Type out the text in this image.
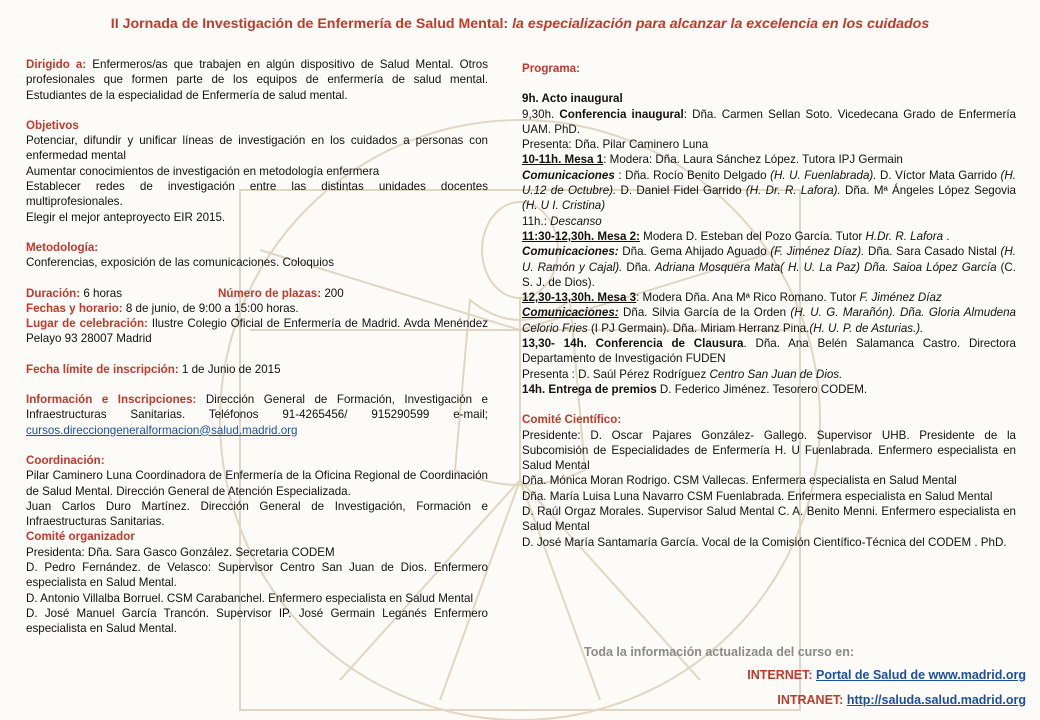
II Jornada de Investigación de Enfermería de Salud Mental: la especialización para alcanzar la excelencia en los cuidados

Dirigido a: Enfermeros/as que trabajen en algún dispositivo de Salud Mental. Otros profesionales que formen parte de los equipos de enfermería de salud mental. Estudiantes de la especialidad de Enfermería de salud mental.

Objetivos

Potenciar, difundir y unificar líneas de investigación en los cuidados a personas con enfermedad mental

Aumentar conocimientos de investigación en metodología enfermera

Establecer redes de investigación entre las distintas unidades docentes multiprofesionales.

Elegir el mejor anteproyecto EIR 2015.

Metodología:

Conferencias, exposición de las comunicaciones. Coloquios

Duración: 6 horas	Número de plazas: 200

Fechas y horario: 8 de junio, de 9:00 a 15:00 horas.

Lugar de celebración: Ilustre Colegio Oficial de Enfermería de Madrid. Avda Menéndez Pelayo 93 28007 Madrid

Fecha límite de inscripción: 1 de Junio de 2015

Información e Inscripciones: Dirección General de Formación, Investigación e Infraestructuras Sanitarias. Teléfonos 91-4265456/ 915290599 e-mail; cursos.direcciongeneralformacion@salud.madrid.org

Coordinación:

Pilar Caminero Luna Coordinadora de Enfermería de la Oficina Regional de Coordinación de Salud Mental. Dirección General de Atención Especializada.

Juan Carlos Duro Martínez. Dirección General de Investigación, Formación e Infraestructuras Sanitarias.

Comité organizador

Presidenta: Dña. Sara Gasco González. Secretaria CODEM

D. Pedro Fernández. de Velasco: Supervisor Centro San Juan de Dios. Enfermero especialista en Salud Mental.

D. Antonio Villalba Borruel. CSM Carabanchel. Enfermero especialista en Salud Mental

D. José Manuel García Trancón. Supervisor IP. José Germain Leganés Enfermero especialista en Salud Mental.

Programa:

9h. Acto inaugural

9,30h. Conferencia inaugural: Dña. Carmen Sellan Soto. Vicedecana Grado de Enfermería UAM. PhD.

Presenta: Dña. Pilar Caminero Luna

10-11h. Mesa 1: Modera: Dña. Laura Sánchez López. Tutora IPJ Germain

Comunicaciones : Dña. Rocío Benito Delgado (H. U. Fuenlabrada). D. Víctor Mata Garrido (H. U.12 de Octubre). D. Daniel Fidel Garrido (H. Dr. R. Lafora). Dña. Mª Ángeles López Segovia (H. U I. Cristina)

11h.: Descanso

11:30-12,30h. Mesa 2: Modera D. Esteban del Pozo García. Tutor H.Dr. R. Lafora .

Comunicaciones: Dña. Gema Ahijado Aguado (F. Jiménez Díaz). Dña. Sara Casado Nistal (H. U. Ramón y Cajal). Dña. Adriana Mosquera Mata( H. U. La Paz) Dña. Saioa López García (C. S. J. de Dios).

12,30-13,30h. Mesa 3: Modera Dña. Ana Mª Rico Romano. Tutor F. Jiménez Díaz

Comunicaciones: Dña. Silvia García de la Orden (H. U. G. Marañón). Dña. Gloria Almudena Celorio Fries (I PJ Germain). Dña. Miriam Herranz Pina.(H. U. P. de Asturias.).

13,30- 14h. Conferencia de Clausura. Dña. Ana Belén Salamanca Castro. Directora Departamento de Investigación FUDEN

Presenta : D. Saúl Pérez Rodríguez Centro San Juan de Dios.

14h. Entrega de premios D. Federico Jiménez. Tesorero CODEM.

Comité Científico:

Presidente: D. Oscar Pajares González- Gallego. Supervisor UHB. Presidente de la Subcomisión de Especialidades de Enfermería H. U Fuenlabrada. Enfermero especialista en Salud Mental

Dña. Mónica Moran Rodrigo. CSM Vallecas. Enfermera especialista en Salud Mental

Dña. María Luisa Luna Navarro CSM Fuenlabrada. Enfermera especialista en Salud Mental

D. Raúl Orgaz Morales. Supervisor Salud Mental C. A. Benito Menni. Enfermero especialista en Salud Mental

D. José María Santamaría García. Vocal de la Comisión Científico-Técnica del CODEM . PhD.

Toda la información actualizada del curso en:
INTERNET: Portal de Salud de www.madrid.org
INTRANET: http://saluda.salud.madrid.org
